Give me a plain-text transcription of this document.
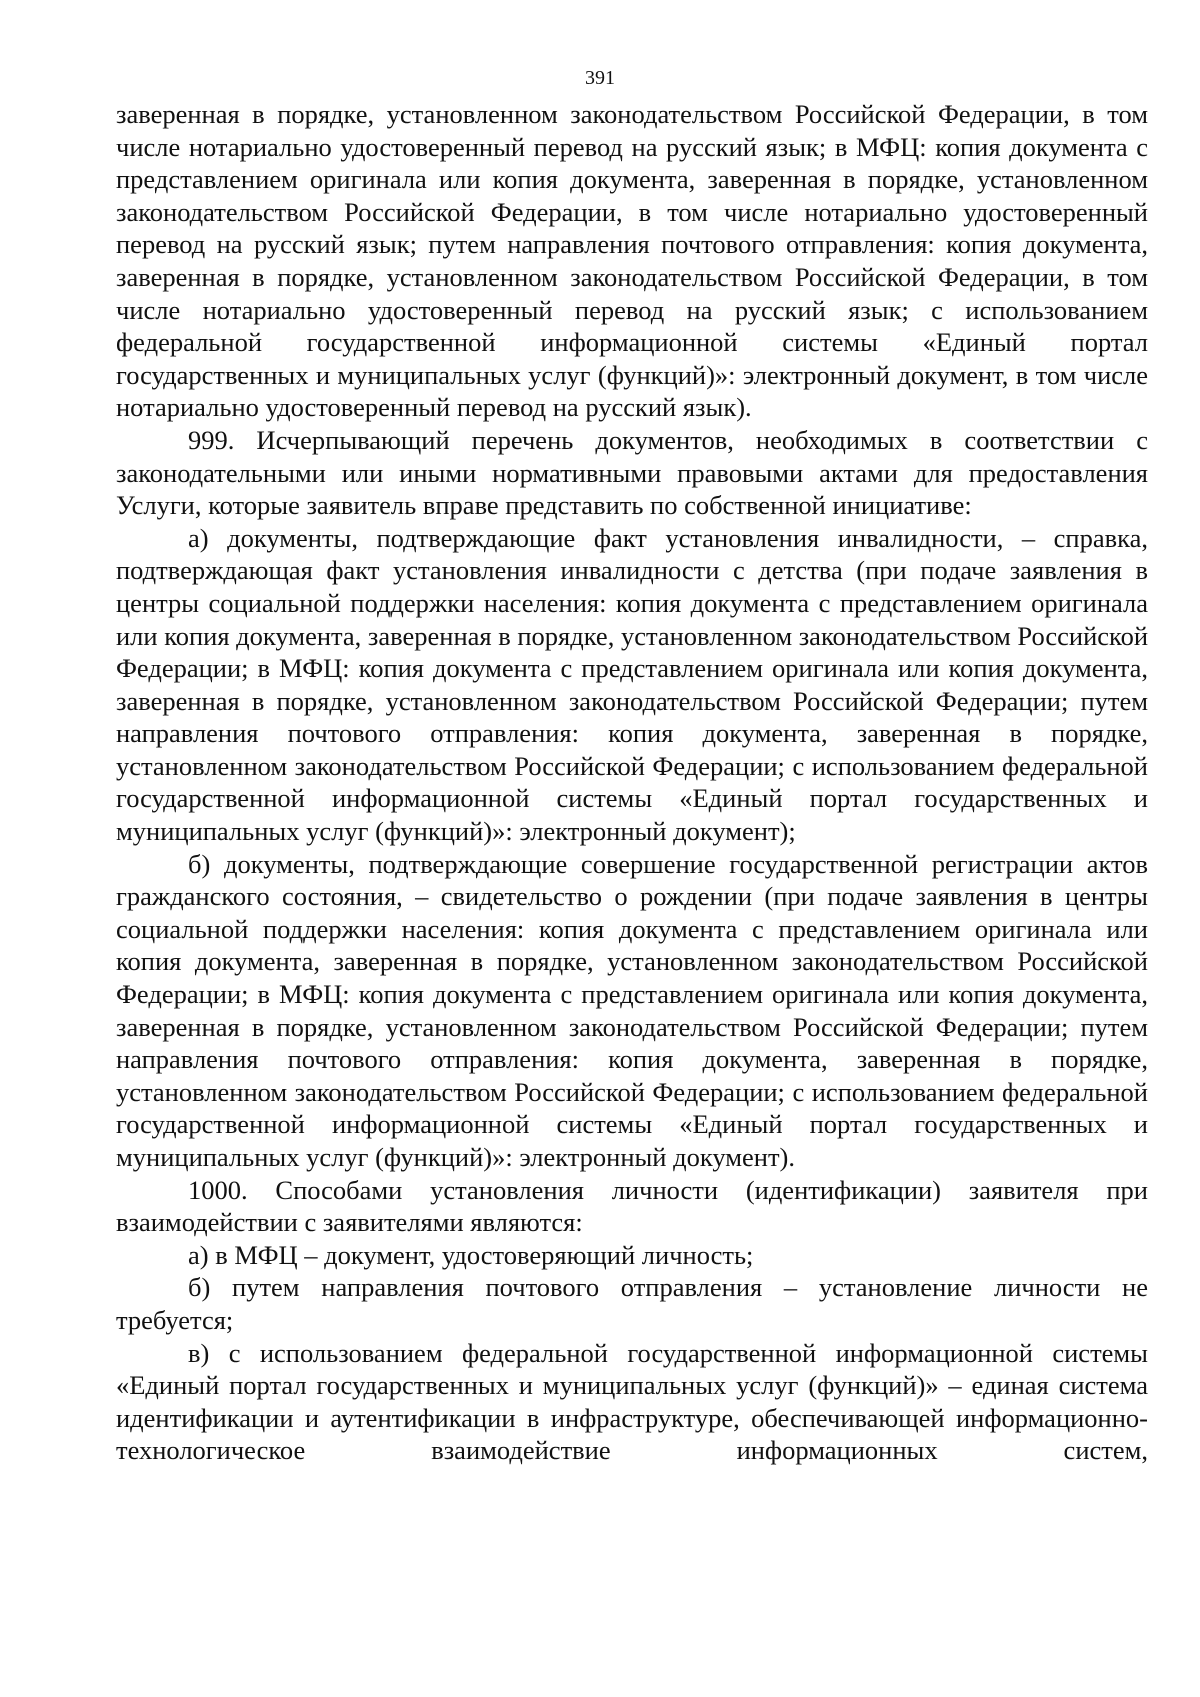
391

заверенная в порядке, установленном законодательством Российской Федерации, в том числе нотариально удостоверенный перевод на русский язык; в МФЦ: копия документа с представлением оригинала или копия документа, заверенная в порядке, установленном законодательством Российской Федерации, в том числе нотариально удостоверенный перевод на русский язык; путем направления почтового отправления: копия документа, заверенная в порядке, установленном законодательством Российской Федерации, в том числе нотариально удостоверенный перевод на русский язык; с использованием федеральной государственной информационной системы «Единый портал государственных и муниципальных услуг (функций)»: электронный документ, в том числе нотариально удостоверенный перевод на русский язык).

999. Исчерпывающий перечень документов, необходимых в соответствии с законодательными или иными нормативными правовыми актами для предоставления Услуги, которые заявитель вправе представить по собственной инициативе:

а) документы, подтверждающие факт установления инвалидности, – справка, подтверждающая факт установления инвалидности с детства (при подаче заявления в центры социальной поддержки населения: копия документа с представлением оригинала или копия документа, заверенная в порядке, установленном законодательством Российской Федерации; в МФЦ: копия документа с представлением оригинала или копия документа, заверенная в порядке, установленном законодательством Российской Федерации; путем направления почтового отправления: копия документа, заверенная в порядке, установленном законодательством Российской Федерации; с использованием федеральной государственной информационной системы «Единый портал государственных и муниципальных услуг (функций)»: электронный документ);

б) документы, подтверждающие совершение государственной регистрации актов гражданского состояния, – свидетельство о рождении (при подаче заявления в центры социальной поддержки населения: копия документа с представлением оригинала или копия документа, заверенная в порядке, установленном законодательством Российской Федерации; в МФЦ: копия документа с представлением оригинала или копия документа, заверенная в порядке, установленном законодательством Российской Федерации; путем направления почтового отправления: копия документа, заверенная в порядке, установленном законодательством Российской Федерации; с использованием федеральной государственной информационной системы «Единый портал государственных и муниципальных услуг (функций)»: электронный документ).

1000. Способами установления личности (идентификации) заявителя при взаимодействии с заявителями являются:

а) в МФЦ – документ, удостоверяющий личность;

б) путем направления почтового отправления – установление личности не требуется;

в) с использованием федеральной государственной информационной системы «Единый портал государственных и муниципальных услуг (функций)» – единая система идентификации и аутентификации в инфраструктуре, обеспечивающей информационно-технологическое взаимодействие информационных систем,
